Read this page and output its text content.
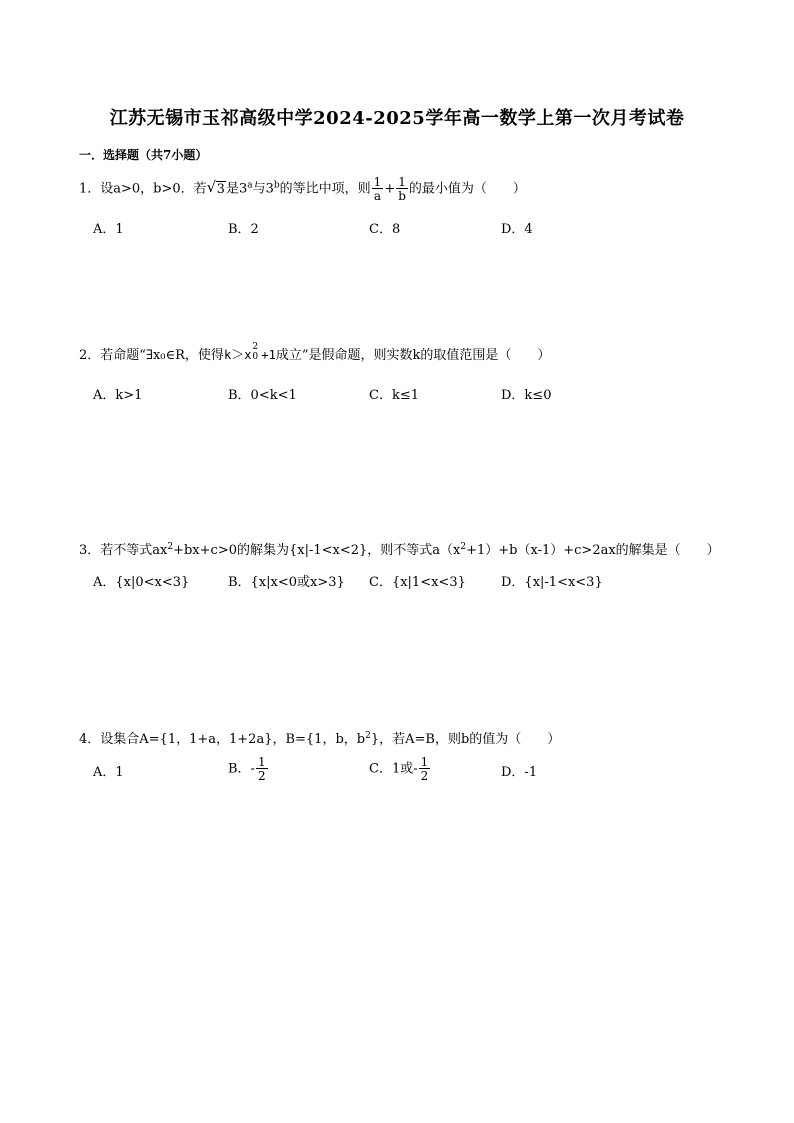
江苏无锡市玉祁高级中学2024-2025学年高一数学上第一次月考试卷
一．选择题（共7小题）
1．设a>0，b>0．若 √ 3是3$^a$与3$^b$的等比中项，则 $\frac{1}{a} + \frac{1}{b}$ 的最小值为（　　）
A．1	B．2	C．8	D．4
2．若命题“∃x₀∈R，使得k＞x
2
0 +1成立”是假命题，则实数k的取值范围是（　　）
A．k>1	B．0<k<1	C．k≤1	D．k≤0
3．若不等式$ax^2+bx+c>0$的解集为{x|-1<x<2}，则不等式$a(x^2+1)+b(x-1)+c>2ax$的解集是（　　）
A．{x|0<x<3}	B．{x|x<0或x>3} C．{x|1<x<3}	D．{x|-1<x<3}
4．设集合A={1，1+a，1+2a}，B={1，b，$b^2$}，若A=B，则b的值为（　　）
A．1	B．- $\frac{1}{2}$	C．1或- $\frac{1}{2}$	D．-1
